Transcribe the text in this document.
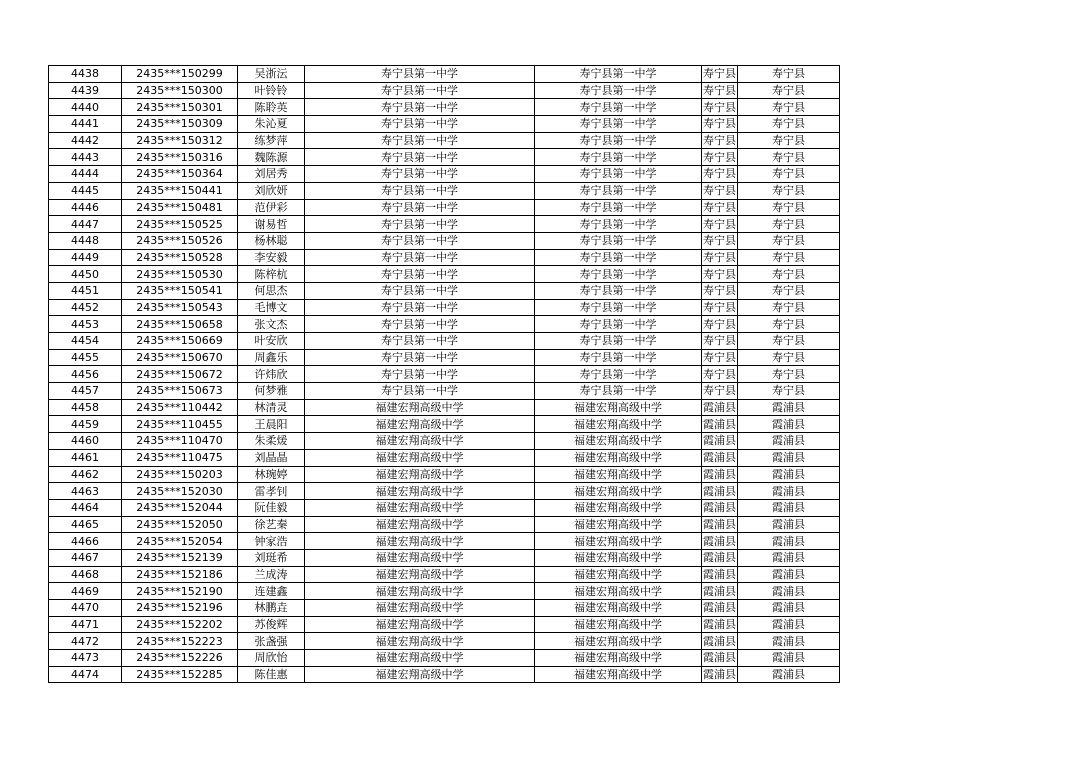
4438	2435***150299	吴浙沄	寿宁县第一中学	寿宁县第一中学	寿宁县	寿宁县
4439	2435***150300	叶铃铃	寿宁县第一中学	寿宁县第一中学	寿宁县	寿宁县
4440	2435***150301	陈聆英	寿宁县第一中学	寿宁县第一中学	寿宁县	寿宁县
4441	2435***150309	朱沁夏	寿宁县第一中学	寿宁县第一中学	寿宁县	寿宁县
4442	2435***150312	练梦萍	寿宁县第一中学	寿宁县第一中学	寿宁县	寿宁县
4443	2435***150316	魏陈源	寿宁县第一中学	寿宁县第一中学	寿宁县	寿宁县
4444	2435***150364	刘居秀	寿宁县第一中学	寿宁县第一中学	寿宁县	寿宁县
4445	2435***150441	刘欣妍	寿宁县第一中学	寿宁县第一中学	寿宁县	寿宁县
4446	2435***150481	范伊彩	寿宁县第一中学	寿宁县第一中学	寿宁县	寿宁县
4447	2435***150525	谢易哲	寿宁县第一中学	寿宁县第一中学	寿宁县	寿宁县
4448	2435***150526	杨林聪	寿宁县第一中学	寿宁县第一中学	寿宁县	寿宁县
4449	2435***150528	李安毅	寿宁县第一中学	寿宁县第一中学	寿宁县	寿宁县
4450	2435***150530	陈梓杭	寿宁县第一中学	寿宁县第一中学	寿宁县	寿宁县
4451	2435***150541	何思杰	寿宁县第一中学	寿宁县第一中学	寿宁县	寿宁县
4452	2435***150543	毛博文	寿宁县第一中学	寿宁县第一中学	寿宁县	寿宁县
4453	2435***150658	张文杰	寿宁县第一中学	寿宁县第一中学	寿宁县	寿宁县
4454	2435***150669	叶安欣	寿宁县第一中学	寿宁县第一中学	寿宁县	寿宁县
4455	2435***150670	周鑫乐	寿宁县第一中学	寿宁县第一中学	寿宁县	寿宁县
4456	2435***150672	许炜欣	寿宁县第一中学	寿宁县第一中学	寿宁县	寿宁县
4457	2435***150673	何梦雅	寿宁县第一中学	寿宁县第一中学	寿宁县	寿宁县
4458	2435***110442	林清灵	福建宏翔高级中学	福建宏翔高级中学	霞浦县	霞浦县
4459	2435***110455	王晨阳	福建宏翔高级中学	福建宏翔高级中学	霞浦县	霞浦县
4460	2435***110470	朱柔煖	福建宏翔高级中学	福建宏翔高级中学	霞浦县	霞浦县
4461	2435***110475	刘晶晶	福建宏翔高级中学	福建宏翔高级中学	霞浦县	霞浦县
4462	2435***150203	林琬婷	福建宏翔高级中学	福建宏翔高级中学	霞浦县	霞浦县
4463	2435***152030	雷孝钊	福建宏翔高级中学	福建宏翔高级中学	霞浦县	霞浦县
4464	2435***152044	阮佳毅	福建宏翔高级中学	福建宏翔高级中学	霞浦县	霞浦县
4465	2435***152050	徐艺秦	福建宏翔高级中学	福建宏翔高级中学	霞浦县	霞浦县
4466	2435***152054	钟家浩	福建宏翔高级中学	福建宏翔高级中学	霞浦县	霞浦县
4467	2435***152139	刘珽希	福建宏翔高级中学	福建宏翔高级中学	霞浦县	霞浦县
4468	2435***152186	兰成涛	福建宏翔高级中学	福建宏翔高级中学	霞浦县	霞浦县
4469	2435***152190	连建鑫	福建宏翔高级中学	福建宏翔高级中学	霞浦县	霞浦县
4470	2435***152196	林鹏垚	福建宏翔高级中学	福建宏翔高级中学	霞浦县	霞浦县
4471	2435***152202	苏俊辉	福建宏翔高级中学	福建宏翔高级中学	霞浦县	霞浦县
4472	2435***152223	张盏强	福建宏翔高级中学	福建宏翔高级中学	霞浦县	霞浦县
4473	2435***152226	周欣怡	福建宏翔高级中学	福建宏翔高级中学	霞浦县	霞浦县
4474	2435***152285	陈佳惠	福建宏翔高级中学	福建宏翔高级中学	霞浦县	霞浦县
